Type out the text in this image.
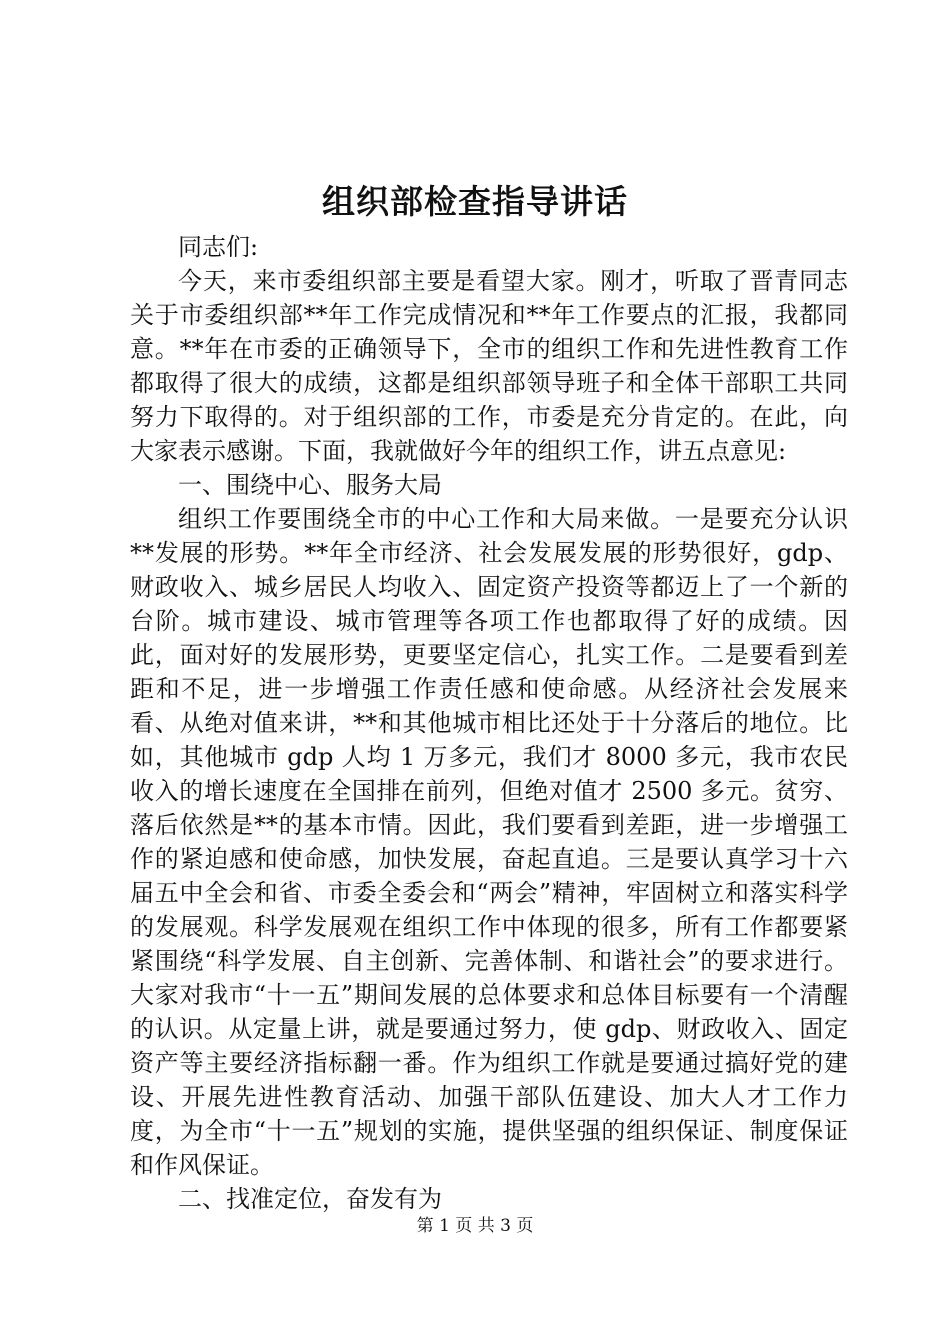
组织部检查指导讲话

同志们:

今天，来市委组织部主要是看望大家。刚才，听取了晋青同志关于市委组织部**年工作完成情况和**年工作要点的汇报，我都同意。**年在市委的正确领导下，全市的组织工作和先进性教育工作都取得了很大的成绩，这都是组织部领导班子和全体干部职工共同努力下取得的。对于组织部的工作，市委是充分肯定的。在此，向大家表示感谢。下面，我就做好今年的组织工作，讲五点意见:

一、围绕中心、服务大局

组织工作要围绕全市的中心工作和大局来做。一是要充分认识**发展的形势。**年全市经济、社会发展发展的形势很好，gdp、财政收入、城乡居民人均收入、固定资产投资等都迈上了一个新的台阶。城市建设、城市管理等各项工作也都取得了好的成绩。因此，面对好的发展形势，更要坚定信心，扎实工作。二是要看到差距和不足，进一步增强工作责任感和使命感。从经济社会发展来看、从绝对值来讲，**和其他城市相比还处于十分落后的地位。比如，其他城市 gdp 人均 1 万多元，我们才 8000 多元，我市农民收入的增长速度在全国排在前列，但绝对值才 2500 多元。贫穷、落后依然是**的基本市情。因此，我们要看到差距，进一步增强工作的紧迫感和使命感，加快发展，奋起直追。三是要认真学习十六届五中全会和省、市委全委会和“两会”精神，牢固树立和落实科学的发展观。科学发展观在组织工作中体现的很多，所有工作都要紧紧围绕“科学发展、自主创新、完善体制、和谐社会”的要求进行。大家对我市“十一五”期间发展的总体要求和总体目标要有一个清醒的认识。从定量上讲，就是要通过努力，使 gdp、财政收入、固定资产等主要经济指标翻一番。作为组织工作就是要通过搞好党的建设、开展先进性教育活动、加强干部队伍建设、加大人才工作力度，为全市“十一五”规划的实施，提供坚强的组织保证、制度保证和作风保证。

二、找准定位，奋发有为

第 1 页 共 3 页
